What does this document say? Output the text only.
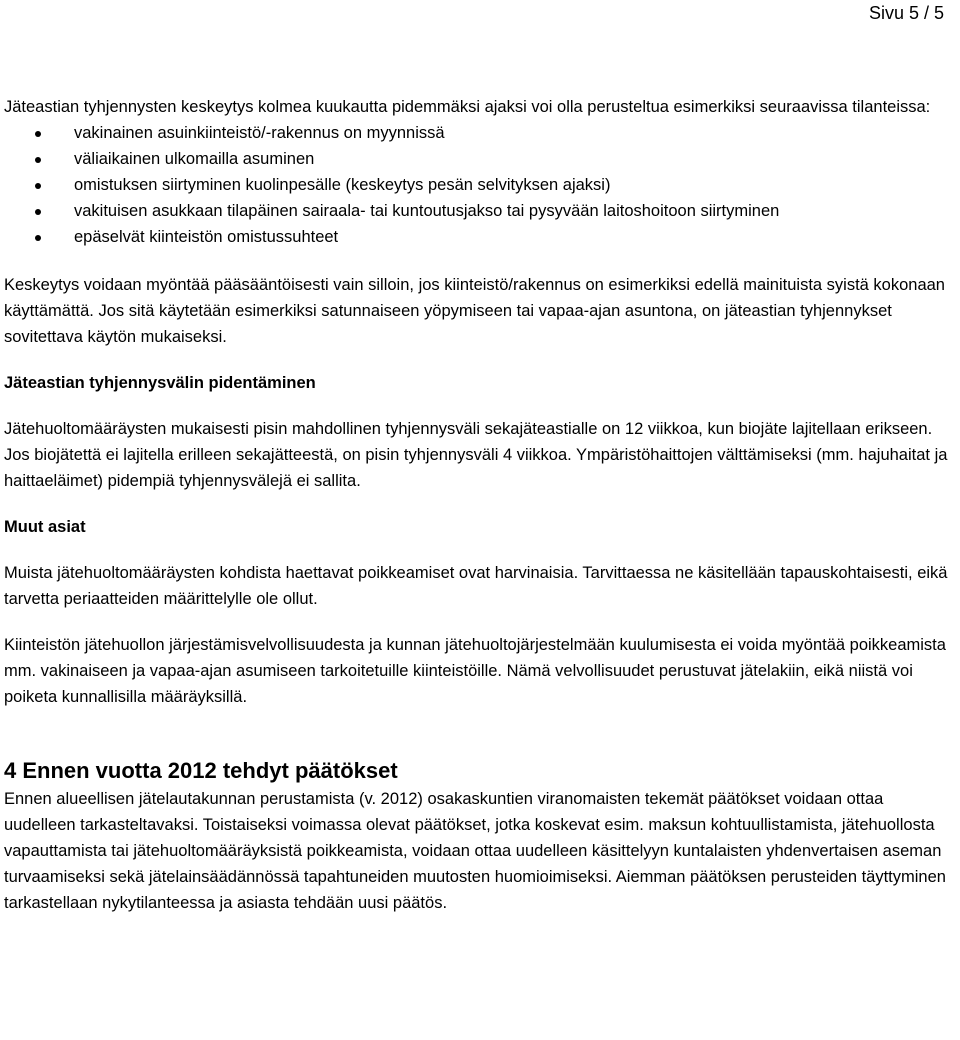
Sivu 5 / 5

Jäteastian tyhjennysten keskeytys kolmea kuukautta pidemmäksi ajaksi voi olla perusteltua esimerkiksi seuraavissa tilanteissa:

vakinainen asuinkiinteistö/-rakennus on myynnissä
väliaikainen ulkomailla asuminen
omistuksen siirtyminen kuolinpesälle (keskeytys pesän selvityksen ajaksi)
vakituisen asukkaan tilapäinen sairaala- tai kuntoutusjakso tai pysyvään laitoshoitoon siirtyminen
epäselvät kiinteistön omistussuhteet

Keskeytys voidaan myöntää pääsääntöisesti vain silloin, jos kiinteistö/rakennus on esimerkiksi edellä mainituista syistä kokonaan käyttämättä. Jos sitä käytetään esimerkiksi satunnaiseen yöpymiseen tai vapaa-ajan asuntona, on jäteastian tyhjennykset sovitettava käytön mukaiseksi.

Jäteastian tyhjennysvälin pidentäminen

Jätehuoltomääräysten mukaisesti pisin mahdollinen tyhjennysväli sekajäteastialle on 12 viikkoa, kun biojäte lajitellaan erikseen. Jos biojätettä ei lajitella erilleen sekajätteestä, on pisin tyhjennysväli 4 viikkoa. Ympäristöhaittojen välttämiseksi (mm. hajuhaitat ja haittaeläimet) pidempiä tyhjennysvälejä ei sallita.

Muut asiat

Muista jätehuoltomääräysten kohdista haettavat poikkeamiset ovat harvinaisia. Tarvittaessa ne käsitellään tapauskohtaisesti, eikä tarvetta periaatteiden määrittelylle ole ollut.

Kiinteistön jätehuollon järjestämisvelvollisuudesta ja kunnan jätehuoltojärjestelmään kuulumisesta ei voida myöntää poikkeamista mm. vakinaiseen ja vapaa-ajan asumiseen tarkoitetuille kiinteistöille. Nämä velvollisuudet perustuvat jätelakiin, eikä niistä voi poiketa kunnallisilla määräyksillä.

4 Ennen vuotta 2012 tehdyt päätökset

Ennen alueellisen jätelautakunnan perustamista (v. 2012) osakaskuntien viranomaisten tekemät päätökset voidaan ottaa uudelleen tarkasteltavaksi. Toistaiseksi voimassa olevat päätökset, jotka koskevat esim. maksun kohtuullistamista, jätehuollosta vapauttamista tai jätehuoltomääräyksistä poikkeamista, voidaan ottaa uudelleen käsittelyyn kuntalaisten yhdenvertaisen aseman turvaamiseksi sekä jätelainsäädännössä tapahtuneiden muutosten huomioimiseksi. Aiemman päätöksen perusteiden täyttyminen tarkastellaan nykytilanteessa ja asiasta tehdään uusi päätös.
